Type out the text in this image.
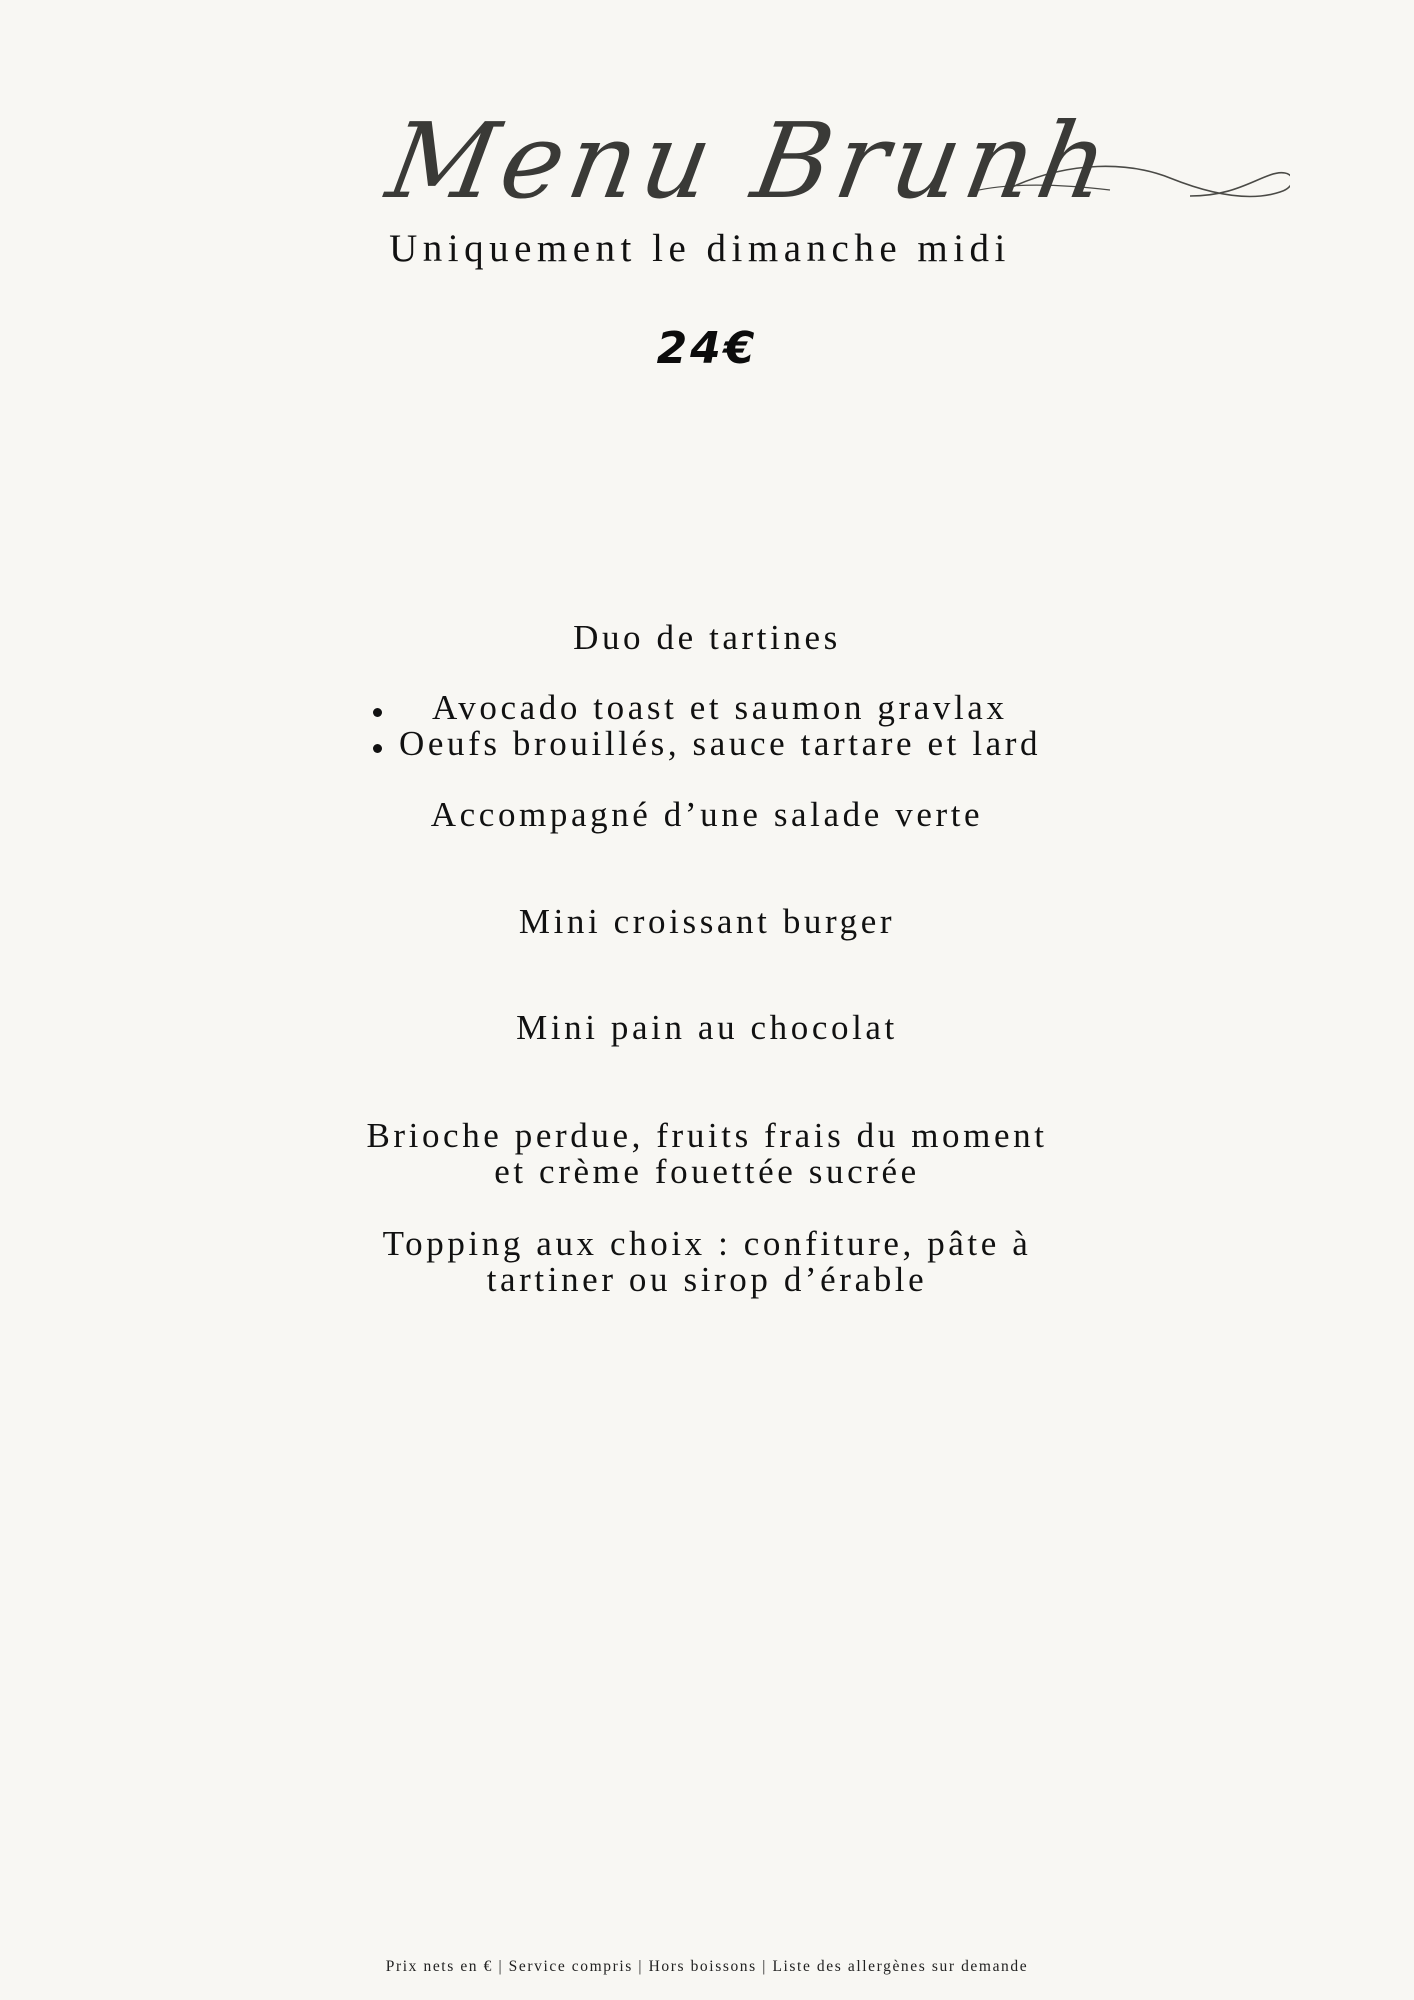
Menu Brunh
Uniquement le dimanche midi
24€
Duo de tartines
Avocado toast et saumon gravlax
Oeufs brouillés, sauce tartare et lard
Accompagné d’une salade verte
Mini croissant burger
Mini pain au chocolat
Brioche perdue, fruits frais du moment
et crème fouettée sucrée
Topping aux choix : confiture, pâte à
tartiner ou sirop d’érable
Prix nets en € | Service compris | Hors boissons | Liste des allergènes sur demande
